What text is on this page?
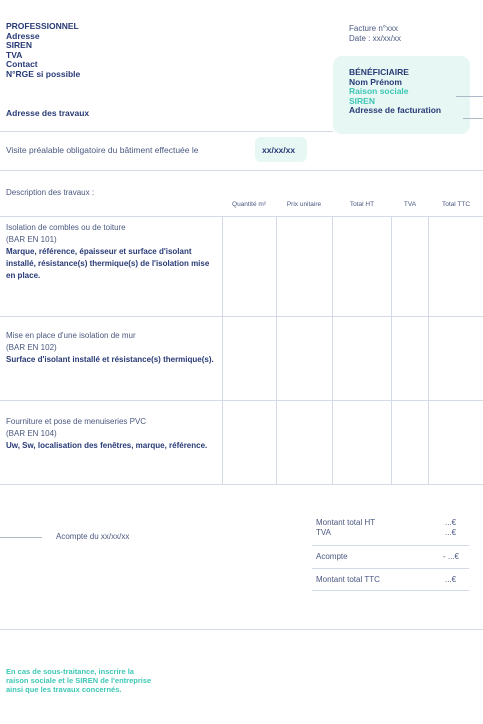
PROFESSIONNEL
Adresse
SIREN
TVA
Contact
N°RGE si possible
Adresse des travaux
Facture n°xxx
Date : xx/xx/xx
BÉNÉFICIAIRE
Nom Prénom
Raison sociale
SIREN
Adresse de facturation
Visite préalable obligatoire du bâtiment effectuée le	xx/xx/xx
Description des travaux :
Quantité m²	Prix unitaire	Total HT	TVA	Total TTC
Isolation de combles ou de toiture
(BAR EN 101)
Marque, référence, épaisseur et surface d'isolant installé, résistance(s) thermique(s) de l'isolation mise en place.
Mise en place d'une isolation de mur
(BAR EN 102)
Surface d'isolant installé et résistance(s) thermique(s).
Fourniture et pose de menuiseries PVC
(BAR EN 104)
Uw, Sw, localisation des fenêtres, marque, référence.
Acompte du xx/xx/xx
Montant total HT	...€
TVA	...€
Acompte	- ...€
Montant total TTC	...€
En cas de sous-traitance, inscrire la raison sociale et le SIREN de l'entreprise ainsi que les travaux concernés.
